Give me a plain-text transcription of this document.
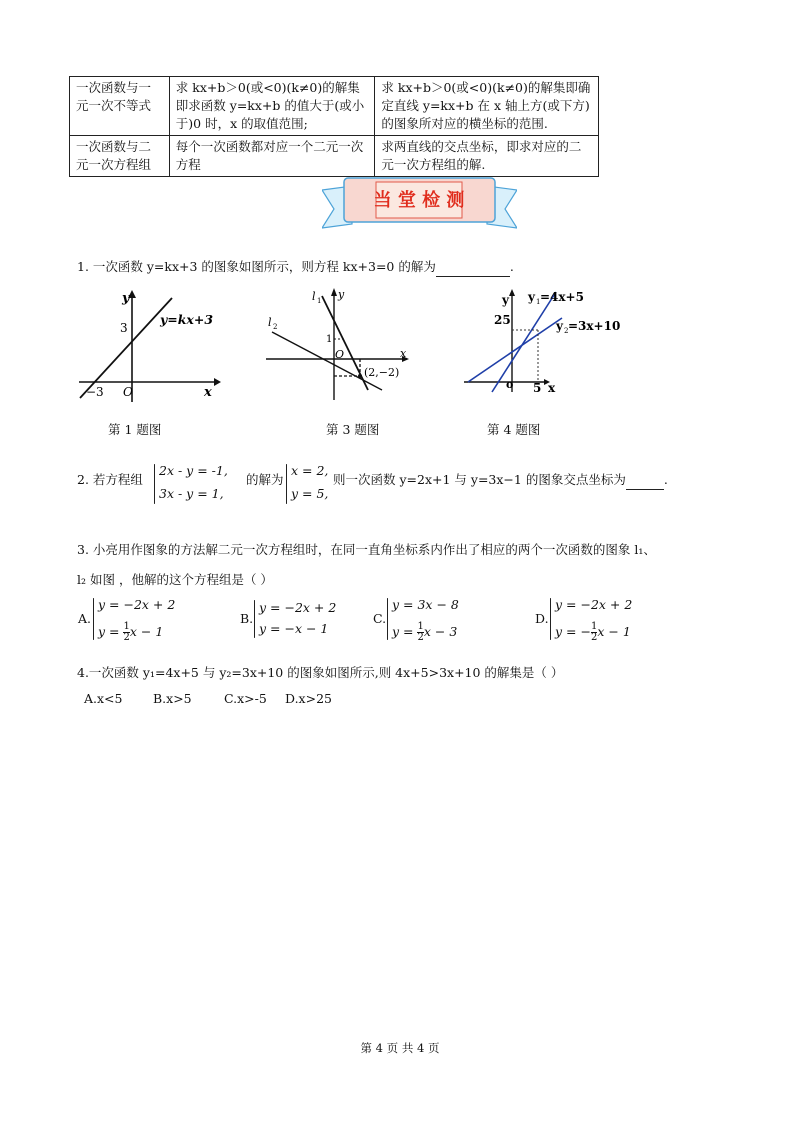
一次函数与一元一次不等式	求 kx+b＞0(或<0)(k≠0)的解集即求函数 y=kx+b 的值大于(或小于)0 时，x 的取值范围;	求 kx+b＞0(或<0)(k≠0)的解集即确定直线 y=kx+b 在 x 轴上方(或下方)的图象所对应的横坐标的范围.
一次函数与二元一次方程组	每个一次函数都对应一个二元一次方程	求两直线的交点坐标，即求对应的二元一次方程组的解.
当 堂 检 测
1. 一次函数 y=kx+3 的图象如图所示，则方程 kx+3=0 的解为	.
y
x
O
3
−3
y=kx+3
第 1 题图
l 1
l 2
y
x
O
1
(2,−2)
第 3 题图
y
x
o
25
5
y 1 =4x+5
y 2 =3x+10
第 4 题图
2. 若方程组
2x - y = -1,
3x - y = 1,
的解为
x = 2,
y = 5,
则一次函数 y=2x+1 与 y=3x−1 的图象交点坐标为	.
3. 小亮用作图象的方法解二元一次方程组时，在同一直角坐标系内作出了相应的两个一次函数的图象 l₁、
l₂ 如图 ，他解的这个方程组是（ ）
A.
y = −2x + 2
$y = \frac{1}{2}$ x − 1
B.
y = −2x + 2
y = −x − 1
C.
y = 3x − 8
$y = \frac{1}{2}$ x − 3
D.
y = −2x + 2
y = − $\frac{1}{2}$ x − 1
4.一次函数 y₁=4x+5 与 y₂=3x+10 的图象如图所示,则 4x+5>3x+10 的解集是（ ）
A.x<5 B.x>5	C.x>-5 D.x>25
第 4 页 共 4 页
